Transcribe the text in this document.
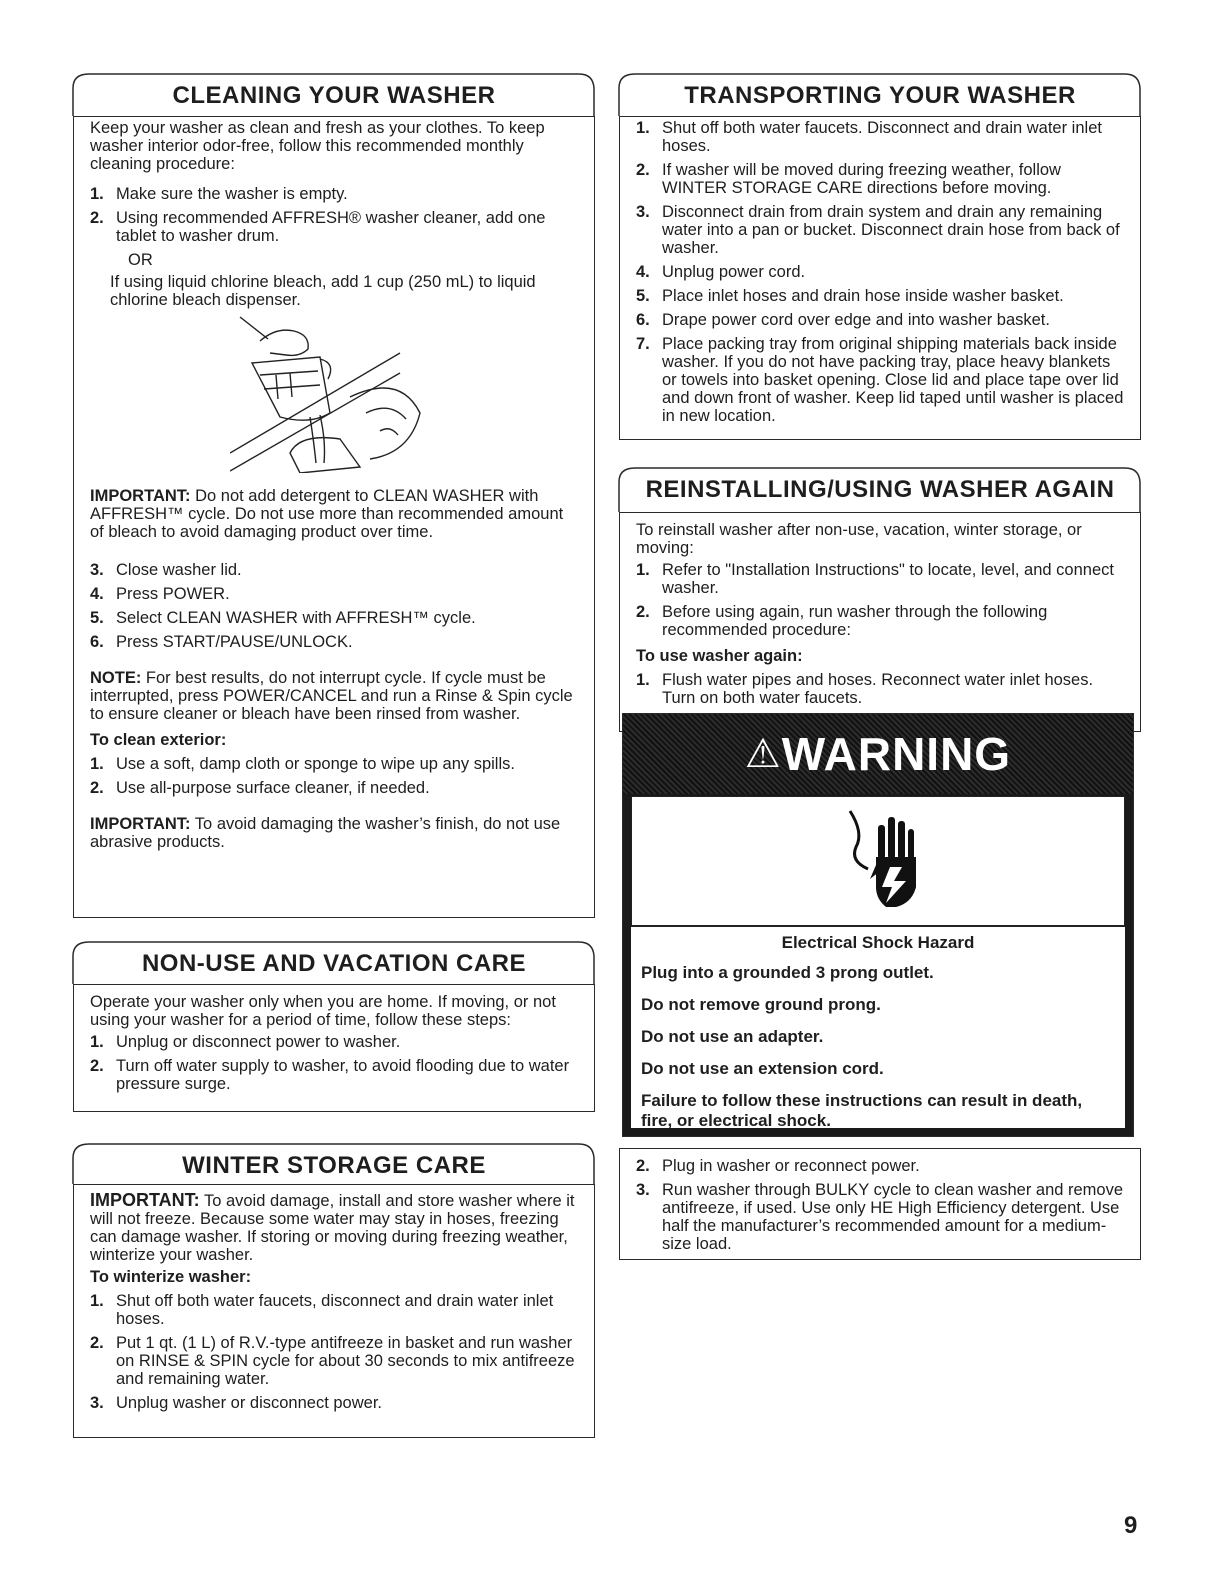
CLEANING YOUR WASHER

Keep your washer as clean and fresh as your clothes. To keep washer interior odor-free, follow this recommended monthly cleaning procedure:

1. Make sure the washer is empty.
2. Using recommended AFFRESH® washer cleaner, add one tablet to washer drum.

OR

If using liquid chlorine bleach, add 1 cup (250 mL) to liquid chlorine bleach dispenser.

IMPORTANT: Do not add detergent to CLEAN WASHER with AFFRESH™ cycle. Do not use more than recommended amount of bleach to avoid damaging product over time.

3. Close washer lid.
4. Press POWER.
5. Select CLEAN WASHER with AFFRESH™ cycle.
6. Press START/PAUSE/UNLOCK.

NOTE: For best results, do not interrupt cycle. If cycle must be interrupted, press POWER/CANCEL and run a Rinse & Spin cycle to ensure cleaner or bleach have been rinsed from washer.

To clean exterior:
1. Use a soft, damp cloth or sponge to wipe up any spills.
2. Use all-purpose surface cleaner, if needed.

IMPORTANT: To avoid damaging the washer’s finish, do not use abrasive products.

NON-USE AND VACATION CARE

Operate your washer only when you are home. If moving, or not using your washer for a period of time, follow these steps:

1. Unplug or disconnect power to washer.
2. Turn off water supply to washer, to avoid flooding due to water pressure surge.
WINTER STORAGE CARE

IMPORTANT: To avoid damage, install and store washer where it will not freeze. Because some water may stay in hoses, freezing can damage washer. If storing or moving during freezing weather, winterize your washer.

To winterize washer:
1. Shut off both water faucets, disconnect and drain water inlet hoses.
2. Put 1 qt. (1 L) of R.V.-type antifreeze in basket and run washer on RINSE & SPIN cycle for about 30 seconds to mix antifreeze and remaining water.
3. Unplug washer or disconnect power.
TRANSPORTING YOUR WASHER
1. Shut off both water faucets. Disconnect and drain water inlet hoses.
2. If washer will be moved during freezing weather, follow WINTER STORAGE CARE directions before moving.
3. Disconnect drain from drain system and drain any remaining water into a pan or bucket. Disconnect drain hose from back of washer.
4. Unplug power cord.
5. Place inlet hoses and drain hose inside washer basket.
6. Drape power cord over edge and into washer basket.
7. Place packing tray from original shipping materials back inside washer. If you do not have packing tray, place heavy blankets or towels into basket opening. Close lid and place tape over lid and down front of washer. Keep lid taped until washer is placed in new location.
REINSTALLING/USING WASHER AGAIN

To reinstall washer after non-use, vacation, winter storage, or moving:

1. Refer to "Installation Instructions" to locate, level, and connect washer.
2. Before using again, run washer through the following recommended procedure:
To use washer again:
1. Flush water pipes and hoses. Reconnect water inlet hoses. Turn on both water faucets.
⚠WARNING
Electrical Shock Hazard
Plug into a grounded 3 prong outlet.
Do not remove ground prong.
Do not use an adapter.
Do not use an extension cord.
Failure to follow these instructions can result in death, fire, or electrical shock.
2. Plug in washer or reconnect power.
3. Run washer through BULKY cycle to clean washer and remove antifreeze, if used. Use only HE High Efficiency detergent. Use half the manufacturer’s recommended amount for a medium-size load.
9
